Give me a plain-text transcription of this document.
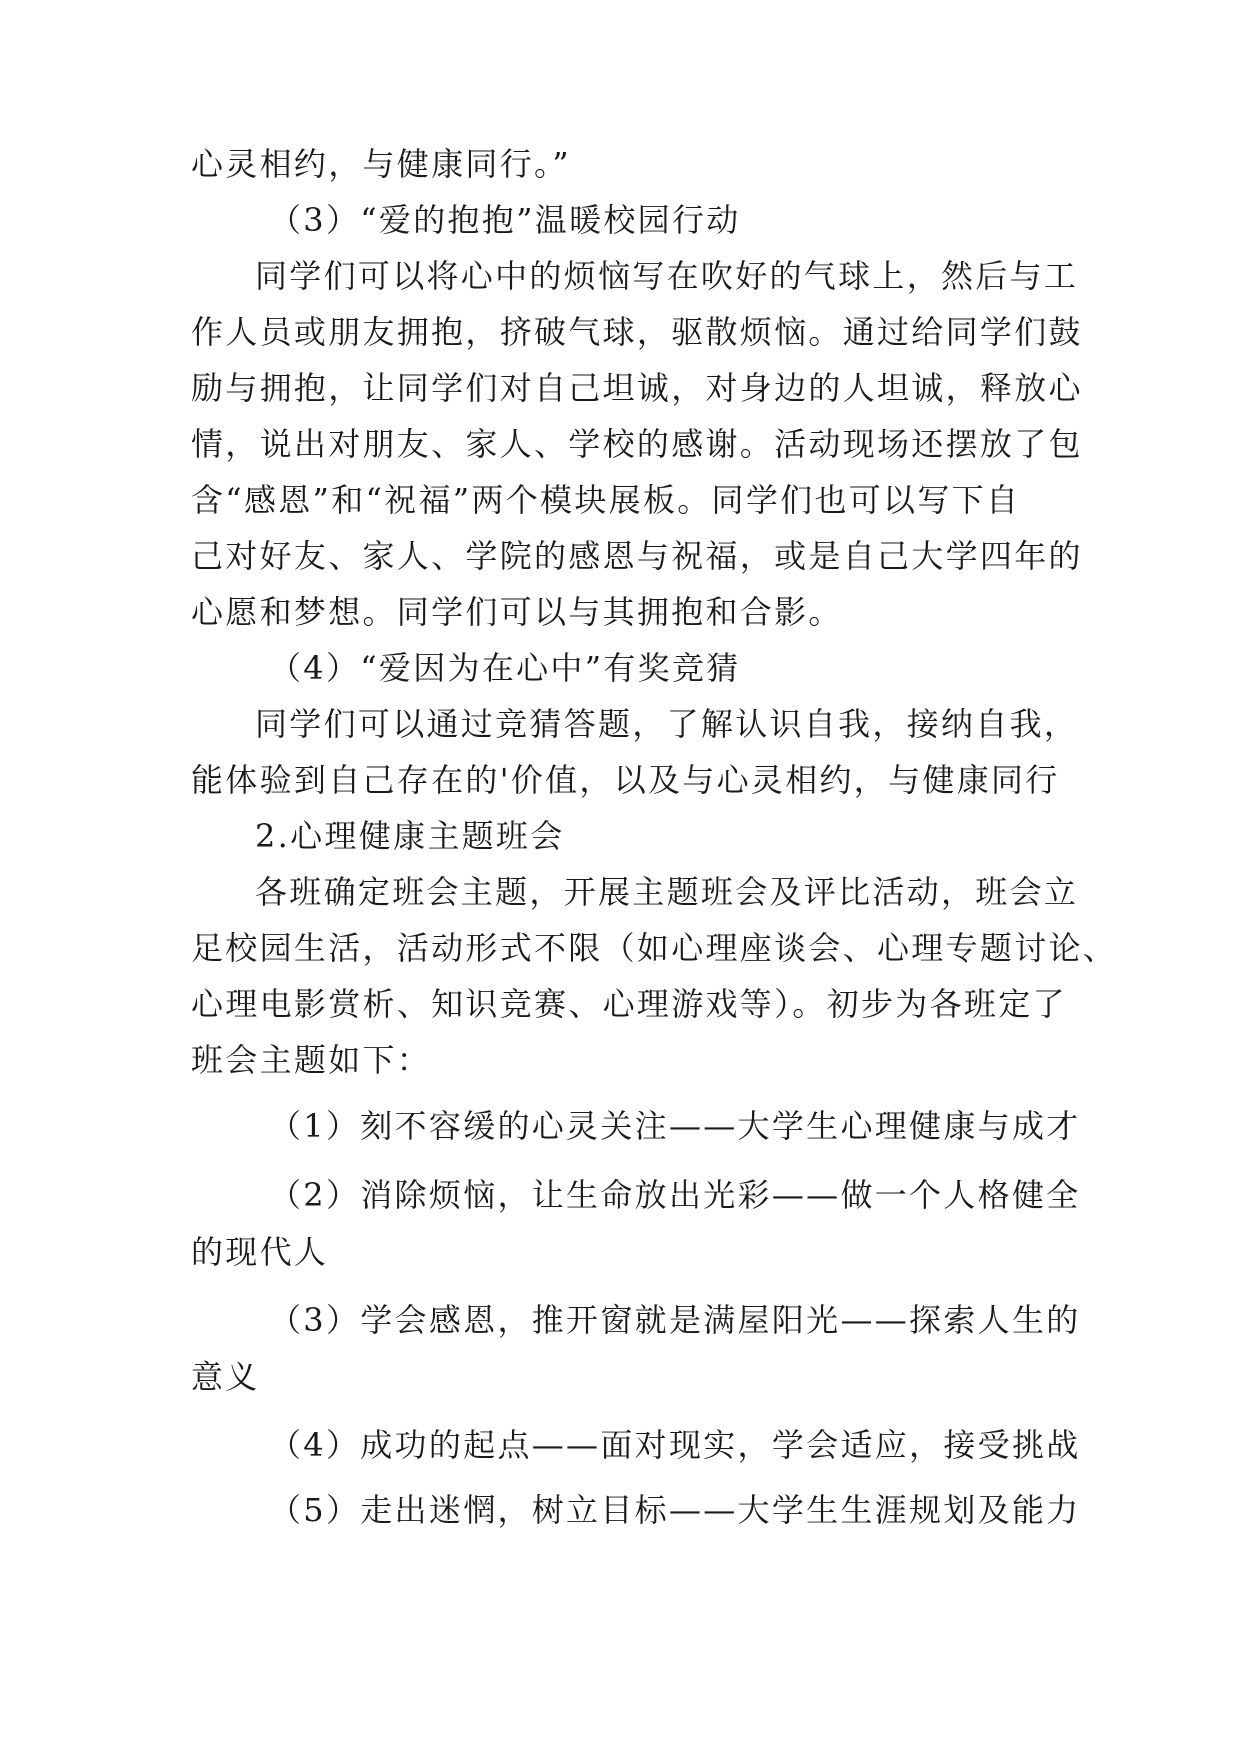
心灵相约，与健康同行。”
（3）“爱的抱抱”温暖校园行动
同学们可以将心中的烦恼写在吹好的气球上，然后与工
作人员或朋友拥抱，挤破气球，驱散烦恼。通过给同学们鼓
励与拥抱，让同学们对自己坦诚，对身边的人坦诚，释放心
情，说出对朋友、家人、学校的感谢。活动现场还摆放了包
含“感恩”和“祝福”两个模块展板。同学们也可以写下自
己对好友、家人、学院的感恩与祝福，或是自己大学四年的
心愿和梦想。同学们可以与其拥抱和合影。
（4）“爱因为在心中”有奖竞猜
同学们可以通过竞猜答题，了解认识自我，接纳自我，
能体验到自己存在的'价值，以及与心灵相约，与健康同行
2.心理健康主题班会
各班确定班会主题，开展主题班会及评比活动，班会立
足校园生活，活动形式不限（如心理座谈会、心理专题讨论、
心理电影赏析、知识竞赛、心理游戏等）。初步为各班定了
班会主题如下：
（1）刻不容缓的心灵关注——大学生心理健康与成才
（2）消除烦恼，让生命放出光彩——做一个人格健全
的现代人
（3）学会感恩，推开窗就是满屋阳光——探索人生的
意义
（4）成功的起点——面对现实，学会适应，接受挑战
（5）走出迷惘，树立目标——大学生生涯规划及能力
